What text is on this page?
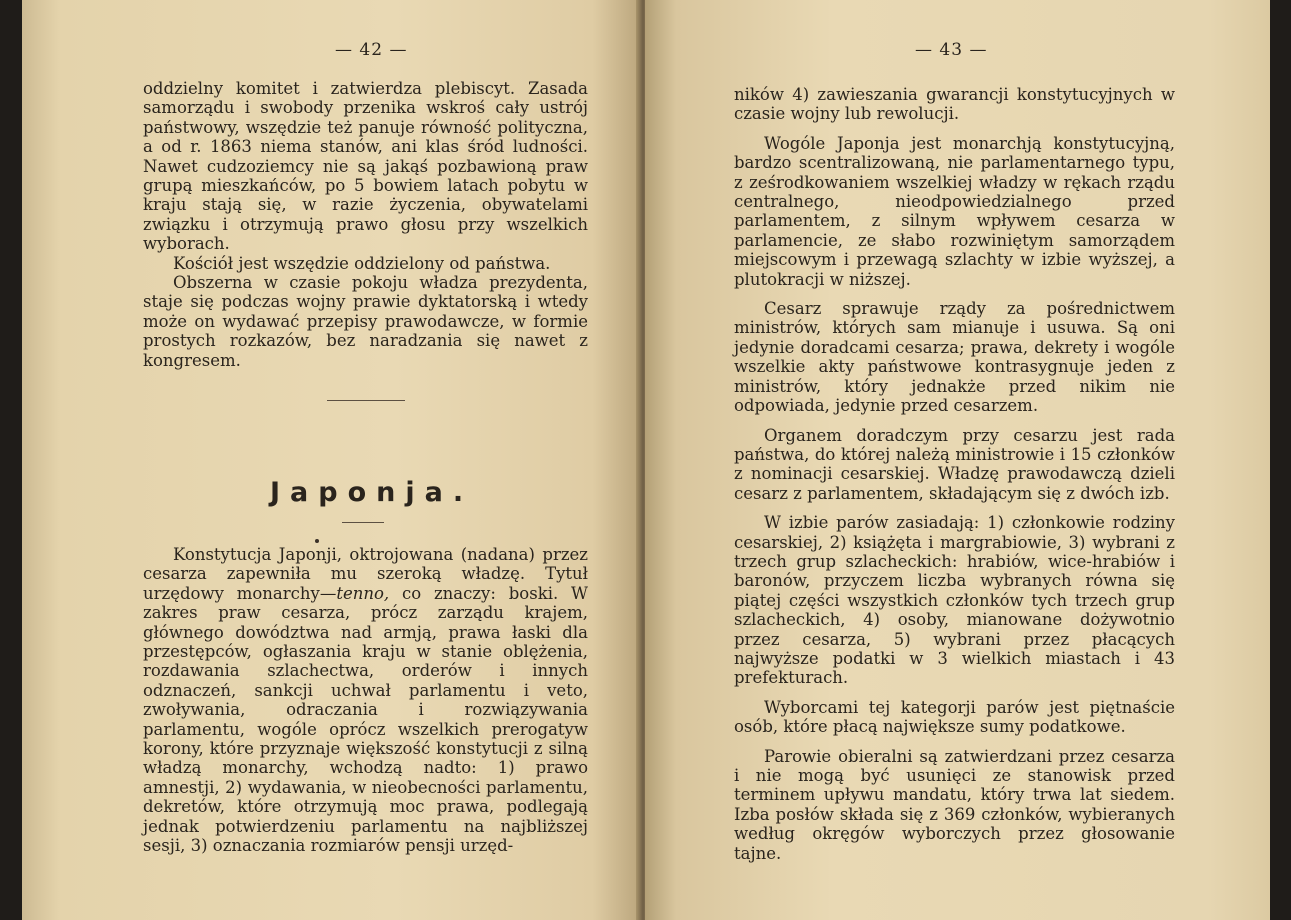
— 42 —

oddzielny komitet i zatwierdza plebiscyt. Zasada samorządu i swobody przenika wskroś cały ustrój państwowy, wszędzie też panuje równość polityczna, a od r. 1863 niema stanów, ani klas śród ludności. Nawet cudzoziemcy nie są jakąś pozbawioną praw grupą mieszkańców, po 5 bowiem latach pobytu w kraju stają się, w razie życzenia, obywatelami związku i otrzymują prawo głosu przy wszelkich wyborach.

Kościół jest wszędzie oddzielony od państwa.

Obszerna w czasie pokoju władza prezydenta, staje się podczas wojny prawie dyktatorską i wtedy może on wydawać przepisy prawodawcze, w formie prostych rozkazów, bez naradzania się nawet z kongresem.

Japonja.

Konstytucja Japonji, oktrojowana (nadana) przez cesarza zapewniła mu szeroką władzę. Tytuł urzędowy monarchy—tenno, co znaczy: boski. W zakres praw cesarza, prócz zarządu krajem, głównego dowództwa nad armją, prawa łaski dla przestępców, ogłaszania kraju w stanie oblężenia, rozdawania szlachectwa, orderów i innych odznaczeń, sankcji uchwał parlamentu i veto, zwoływania, odraczania i rozwiązywania parlamentu, wogóle oprócz wszelkich prerogatyw korony, które przyznaje większość konstytucji z silną władzą monarchy, wchodzą nadto: 1) prawo amnestji, 2) wydawania, w nieobecności parlamentu, dekretów, które otrzymują moc prawa, podlegają jednak potwierdzeniu parlamentu na najbliższej sesji, 3) oznaczania rozmiarów pensji urzęd-

— 43 —

ników 4) zawieszania gwarancji konstytucyjnych w czasie wojny lub rewolucji.

Wogóle Japonja jest monarchją konstytucyjną, bardzo scentralizowaną, nie parlamentarnego typu, z ześrodkowaniem wszelkiej władzy w rękach rządu centralnego, nieodpowiedzialnego przed parlamentem, z silnym wpływem cesarza w parlamencie, ze słabo rozwiniętym samorządem miejscowym i przewagą szlachty w izbie wyższej, a plutokracji w niższej.

Cesarz sprawuje rządy za pośrednictwem ministrów, których sam mianuje i usuwa. Są oni jedynie doradcami cesarza; prawa, dekrety i wogóle wszelkie akty państwowe kontrasygnuje jeden z ministrów, który jednakże przed nikim nie odpowiada, jedynie przed cesarzem.

Organem doradczym przy cesarzu jest rada państwa, do której należą ministrowie i 15 członków z nominacji cesarskiej. Władzę prawodawczą dzieli cesarz z parlamentem, składającym się z dwóch izb.

W izbie parów zasiadają: 1) członkowie rodziny cesarskiej, 2) książęta i margrabiowie, 3) wybrani z trzech grup szlacheckich: hrabiów, wice-hrabiów i baronów, przyczem liczba wybranych równa się piątej części wszystkich członków tych trzech grup szlacheckich, 4) osoby, mianowane dożywotnio przez cesarza, 5) wybrani przez płacących najwyższe podatki w 3 wielkich miastach i 43 prefekturach.

Wyborcami tej kategorji parów jest piętnaście osób, które płacą największe sumy podatkowe.

Parowie obieralni są zatwierdzani przez cesarza i nie mogą być usunięci ze stanowisk przed terminem upływu mandatu, który trwa lat siedem. Izba posłów składa się z 369 członków, wybieranych według okręgów wyborczych przez głosowanie tajne.
